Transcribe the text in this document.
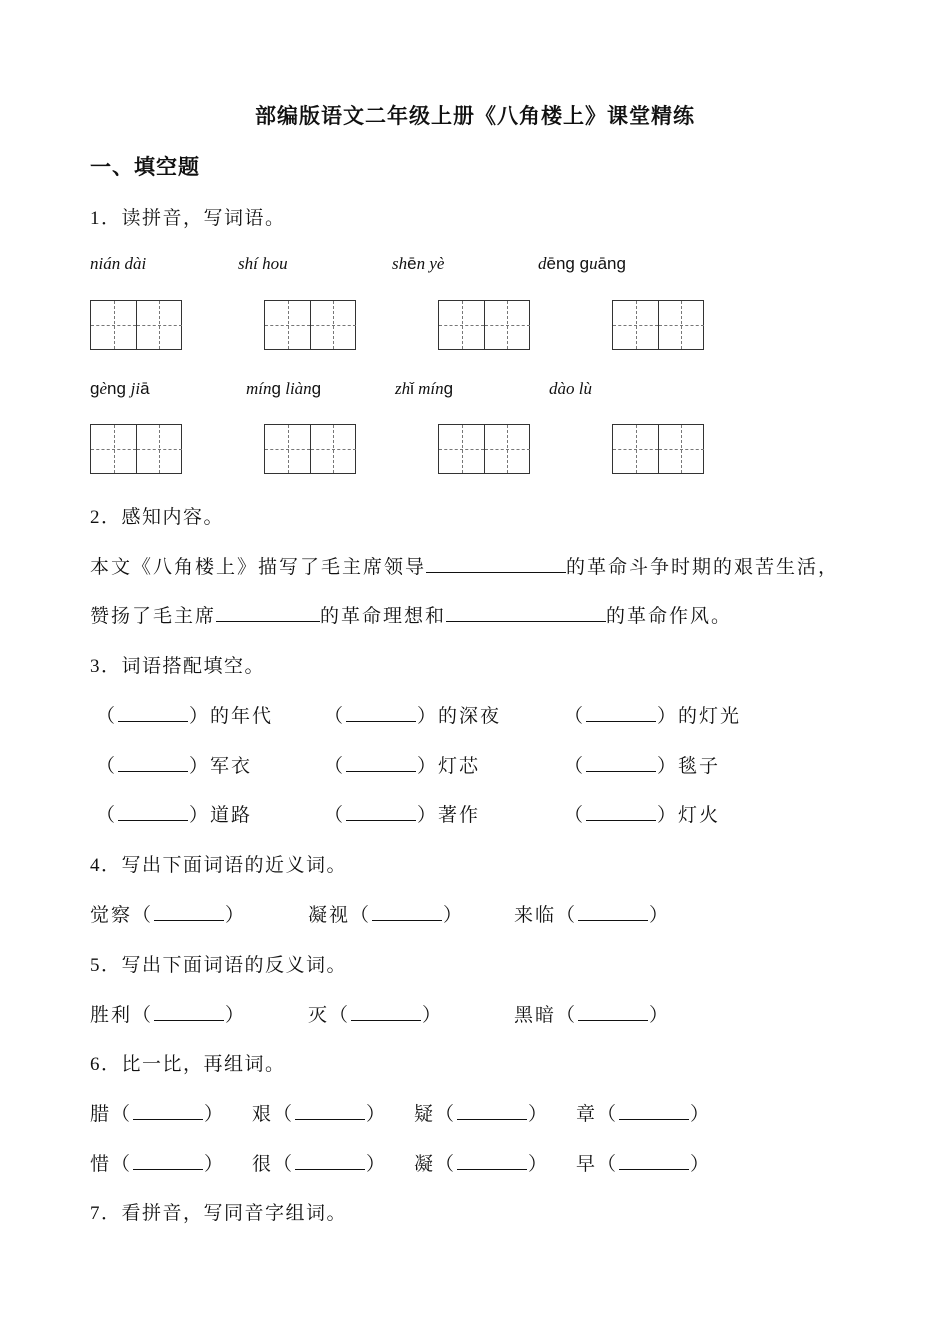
部编版语文二年级上册《八角楼上》课堂精练
一、填空题
1．读拼音，写词语。
nián dài	shí hou	shēn yè	dēng guāng
gèng jiā	míng liàng	zhǐ míng	dào lù
2．感知内容。
本文《八角楼上》描写了毛主席领导	的革命斗争时期的艰苦生活，
赞扬了毛主席	的革命理想和	的革命作风。
3．词语搭配填空。
（	）的年代	（	）的深夜	（	）的灯光
（	）军衣	（	）灯芯	（	）毯子
（	）道路	（	）著作	（	）灯火
4．写出下面词语的近义词。
觉察（	）	凝视（	）	来临（	）
5．写出下面词语的反义词。
胜利（	）	灭（	）	黑暗（	）
6．比一比，再组词。
腊（	） 艰（	） 疑（	） 章（	）
惜（	） 很（	） 凝（	） 早（	）
7．看拼音，写同音字组词。
